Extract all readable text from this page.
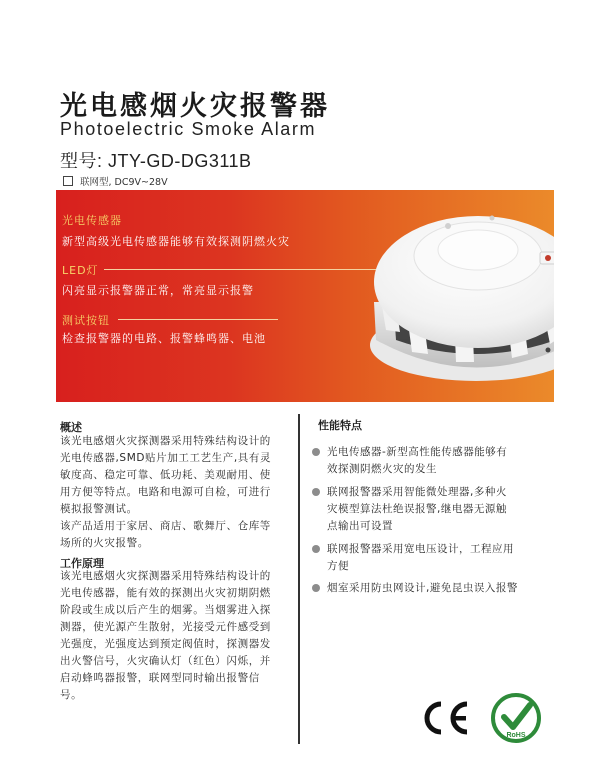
光电感烟火灾报警器
Photoelectric Smoke Alarm
型号: JTY-GD-DG311B
联网型, DC9V~28V
光电传感器
新型高级光电传感器能够有效探测阴燃火灾
LED灯
闪亮显示报警器正常，常亮显示报警
测试按钮
检查报警器的电路、报警蜂鸣器、电池
概述
该光电感烟火灾探测器采用特殊结构设计的
光电传感器,SMD贴片加工工艺生产,具有灵
敏度高、稳定可靠、低功耗、美观耐用、使
用方便等特点。电路和电源可自检，可进行
模拟报警测试。
该产品适用于家居、商店、歌舞厅、仓库等
场所的火灾报警。
工作原理
该光电感烟火灾探测器采用特殊结构设计的
光电传感器，能有效的探测出火灾初期阴燃
阶段或生成以后产生的烟雾。当烟雾进入探
测器，使光源产生散射，光接受元件感受到
光强度，光强度达到预定阀值时，探测器发
出火警信号，火灾确认灯（红色）闪烁，并
启动蜂鸣器报警，联网型同时输出报警信
号。
性能特点
光电传感器-新型高性能传感器能够有
效探测阴燃火灾的发生
联网报警器采用智能微处理器,多种火
灾模型算法杜绝误报警,继电器无源触
点输出可设置
联网报警器采用宽电压设计，工程应用
方便
烟室采用防虫网设计,避免昆虫误入报警
RoHS
